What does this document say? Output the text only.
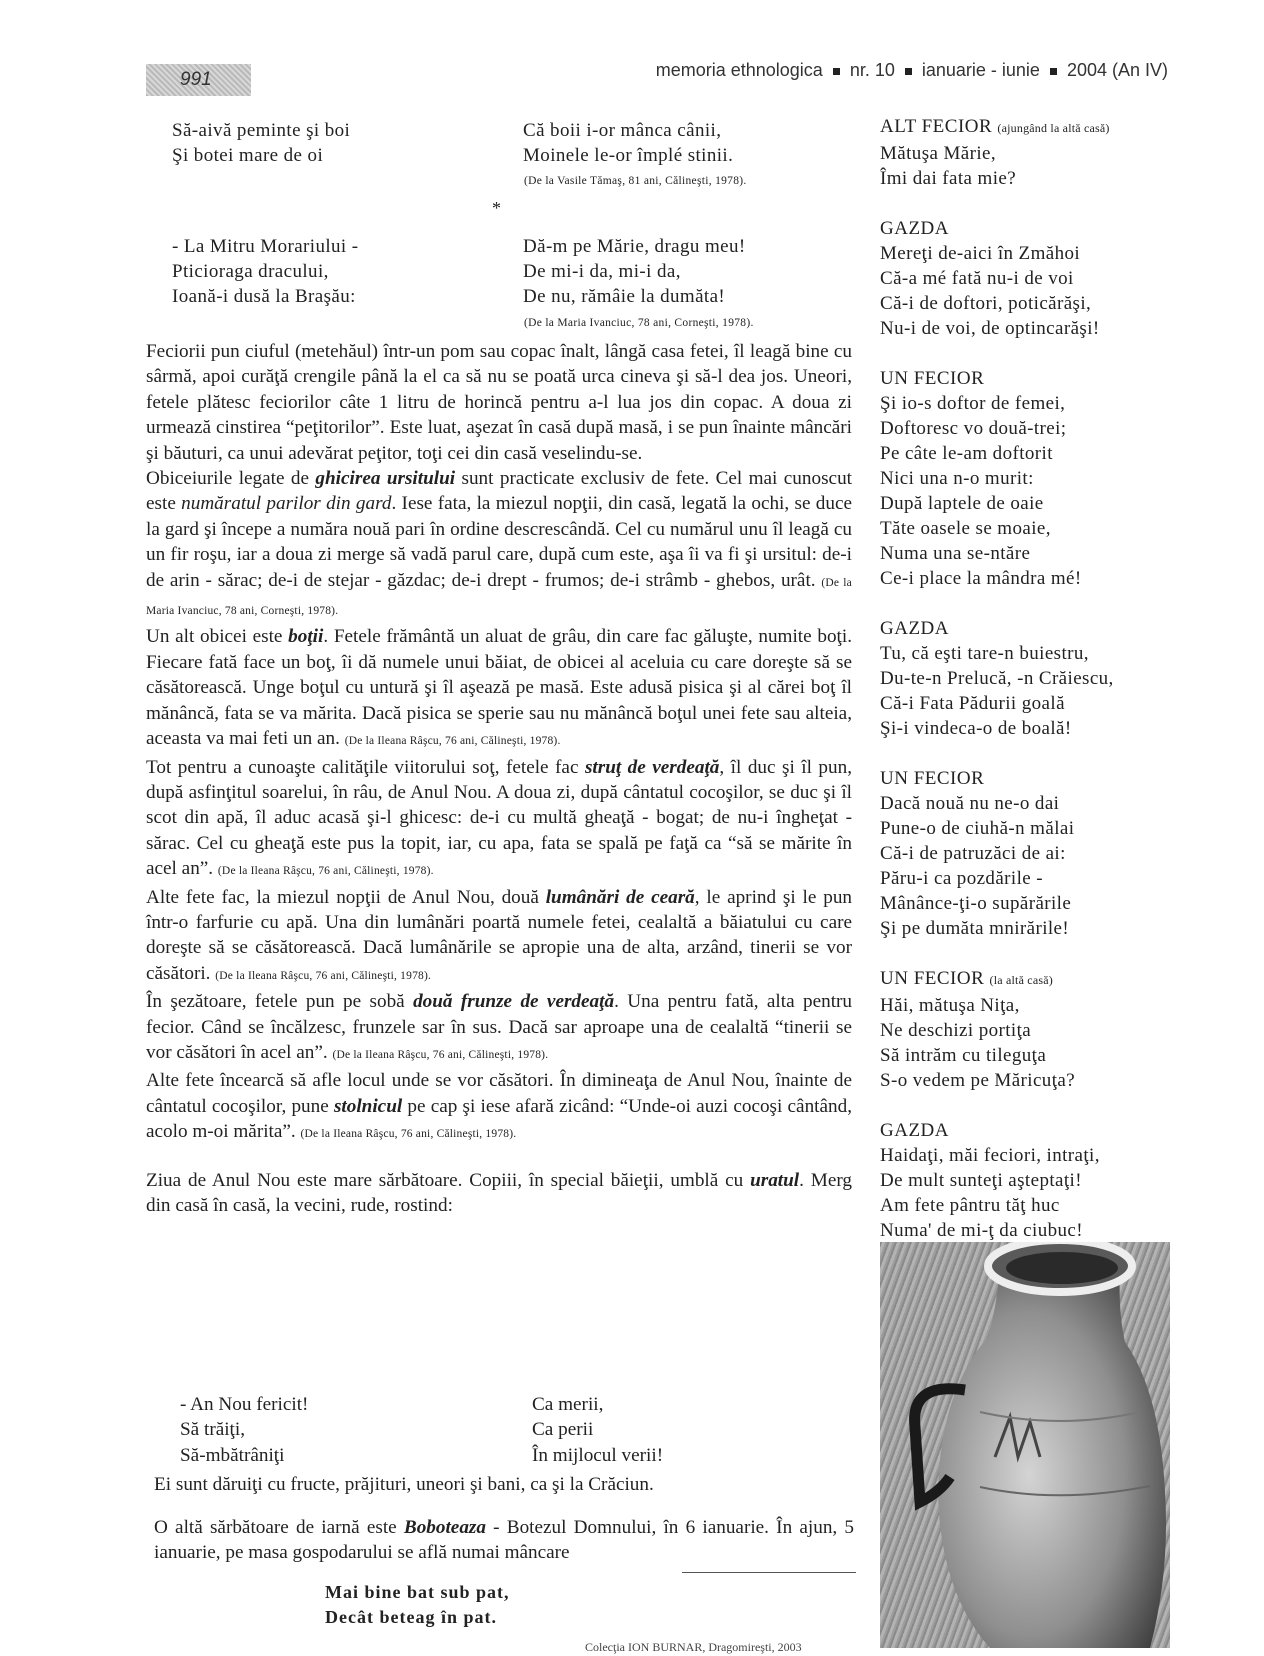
991	memoria ethnologica nr. 10 ianuarie - iunie 2004 (An IV)
Să-aivă peminte şi boi
Şi botei mare de oi
Că boii i-or mânca cânii,
Moinele le-or împlé stinii.
(De la Vasile Tămaş, 81 ani, Călineşti, 1978).
*
- La Mitru Morariului -
Pticioraga dracului,
Ioană-i dusă la Braşău:
Dă-m pe Mărie, dragu meu!
De mi-i da, mi-i da,
De nu, rămâie la dumăta!
(De la Maria Ivanciuc, 78 ani, Corneşti, 1978).

Feciorii pun ciuful (metehăul) într-un pom sau copac înalt, lângă casa fetei, îl leagă bine cu sârmă, apoi curăţă crengile până la el ca să nu se poată urca cineva şi să-l dea jos. Uneori, fetele plătesc feciorilor câte 1 litru de horincă pentru a-l lua jos din copac. A doua zi urmează cinstirea “peţitorilor”. Este luat, aşezat în casă după masă, i se pun înainte mâncări şi băuturi, ca unui adevărat peţitor, toţi cei din casă veselindu-se.

Obiceiurile legate de ghicirea ursitului sunt practicate exclusiv de fete. Cel mai cunoscut este număratul parilor din gard. Iese fata, la miezul nopţii, din casă, legată la ochi, se duce la gard şi începe a număra nouă pari în ordine descrescândă. Cel cu numărul unu îl leagă cu un fir roşu, iar a doua zi merge să vadă parul care, după cum este, aşa îi va fi şi ursitul: de-i de arin - sărac; de-i de stejar - găzdac; de-i drept - frumos; de-i strâmb - ghebos, urât. (De la Maria Ivanciuc, 78 ani, Corneşti, 1978).

Un alt obicei este boţii. Fetele frământă un aluat de grâu, din care fac găluşte, numite boţi. Fiecare fată face un boţ, îi dă numele unui băiat, de obicei al aceluia cu care doreşte să se căsătorească. Unge boţul cu untură şi îl aşează pe masă. Este adusă pisica şi al cărei boţ îl mănâncă, fata se va mărita. Dacă pisica se sperie sau nu mănâncă boţul unei fete sau alteia, aceasta va mai feti un an. (De la Ileana Râşcu, 76 ani, Călineşti, 1978).

Tot pentru a cunoaşte calităţile viitorului soţ, fetele fac struţ de verdeaţă, îl duc şi îl pun, după asfinţitul soarelui, în râu, de Anul Nou. A doua zi, după cântatul cocoşilor, se duc şi îl scot din apă, îl aduc acasă şi-l ghicesc: de-i cu multă gheaţă - bogat; de nu-i îngheţat - sărac. Cel cu gheaţă este pus la topit, iar, cu apa, fata se spală pe faţă ca “să se mărite în acel an”. (De la Ileana Râşcu, 76 ani, Călineşti, 1978).

Alte fete fac, la miezul nopţii de Anul Nou, două lumânări de ceară, le aprind şi le pun într-o farfurie cu apă. Una din lumânări poartă numele fetei, cealaltă a băiatului cu care doreşte să se căsătorească. Dacă lumânările se apropie una de alta, arzând, tinerii se vor căsători. (De la Ileana Râşcu, 76 ani, Călineşti, 1978).

În şezătoare, fetele pun pe sobă două frunze de verdeaţă. Una pentru fată, alta pentru fecior. Când se încălzesc, frunzele sar în sus. Dacă sar aproape una de cealaltă “tinerii se vor căsători în acel an”. (De la Ileana Râşcu, 76 ani, Călineşti, 1978).

Alte fete încearcă să afle locul unde se vor căsători. În dimineaţa de Anul Nou, înainte de cântatul cocoşilor, pune stolnicul pe cap şi iese afară zicând: “Unde-oi auzi cocoşi cântând, acolo m-oi mărita”. (De la Ileana Râşcu, 76 ani, Călineşti, 1978).

Ziua de Anul Nou este mare sărbătoare. Copiii, în special băieţii, umblă cu uratul. Merg din casă în casă, la vecini, rude, rostind:

- An Nou fericit!
Să trăiţi,
Să-mbătrâniţi
Ca merii,
Ca perii
În mijlocul verii!
Ei sunt dăruiţi cu fructe, prăjituri, uneori şi bani, ca şi la Crăciun.
O altă sărbătoare de iarnă este Boboteaza - Botezul Domnului, în 6 ianuarie. În ajun, 5 ianuarie, pe masa gospodarului se află numai mâncare
Mai bine bat sub pat,
Decât beteag în pat.
Colecţia ION BURNAR, Dragomireşti, 2003
ALT FECIOR (ajungând la altă casă)
Mătuşa Mărie,
Îmi dai fata mie?
GAZDA
Mereţi de-aici în Zmăhoi
Că-a mé fată nu-i de voi
Că-i de doftori, poticărăşi,
Nu-i de voi, de optincarăşi!
UN FECIOR
Şi io-s doftor de femei,
Doftoresc vo două-trei;
Pe câte le-am doftorit
Nici una n-o murit:
După laptele de oaie
Tăte oasele se moaie,
Numa una se-ntăre
Ce-i place la mândra mé!
GAZDA
Tu, că eşti tare-n buiestru,
Du-te-n Prelucă, -n Crăiescu,
Că-i Fata Pădurii goală
Şi-i vindeca-o de boală!
UN FECIOR
Dacă nouă nu ne-o dai
Pune-o de ciuhă-n mălai
Că-i de patruzăci de ai:
Păru-i ca pozdările -
Mânânce-ţi-o supărările
Şi pe dumăta mnirările!
UN FECIOR (la altă casă)
Hăi, mătuşa Niţa,
Ne deschizi portiţa
Să intrăm cu tileguţa
S-o vedem pe Măricuţa?
GAZDA
Haidaţi, măi feciori, intraţi,
De mult sunteţi aşteptaţi!
Am fete pântru tăţ huc
Numa' de mi-ţ da ciubuc!
